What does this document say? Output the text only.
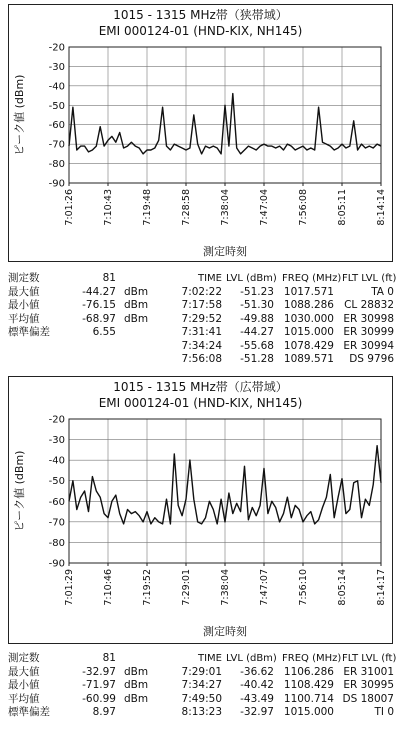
1015 - 1315 MHz帯（狭帯域）
EMI 000124-01 (HND-KIX, NH145)
-20
-30
-40
-50
-60
-70
-80
-90
7:01:26	7:10:43	7:19:48	7:28:58	7:38:04	7:47:04	7:56:08	8:05:11	8:14:14
ピーク値 (dBm)
測定時刻
測定数	81
最大値	-44.27 dBm
最小値	-76.15 dBm
平均値	-68.97 dBm
標準偏差	6.55
TIME LVL (dBm) FREQ (MHz) FLT LVL (ft)
7:02:22	-51.23 1017.571	TA 0
7:17:58	-51.30 1088.286 CL 28832
7:29:52	-49.88 1030.000 ER 30998
7:31:41	-44.27 1015.000 ER 30999
7:34:24	-55.68 1078.429 ER 30994
7:56:08	-51.28 1089.571	DS 9796
1015 - 1315 MHz帯（広帯域）
EMI 000124-01 (HND-KIX, NH145)
-20
-30
-40
-50
-60
-70
-80
-90
7:01:29	7:10:46	7:19:52	7:29:01	7:38:04	7:47:07	7:56:10	8:05:14	8:14:17
ピーク値 (dBm)
測定時刻
測定数	81
最大値	-32.97 dBm
最小値	-71.97 dBm
平均値	-60.99 dBm
標準偏差	8.97
TIME LVL (dBm) FREQ (MHz) FLT LVL (ft)
7:29:01	-36.62 1106.286 ER 31001
7:34:27	-40.42 1108.429 ER 30995
7:49:50	-43.49 1100.714 DS 18007
8:13:23	-32.97 1015.000	TI 0
